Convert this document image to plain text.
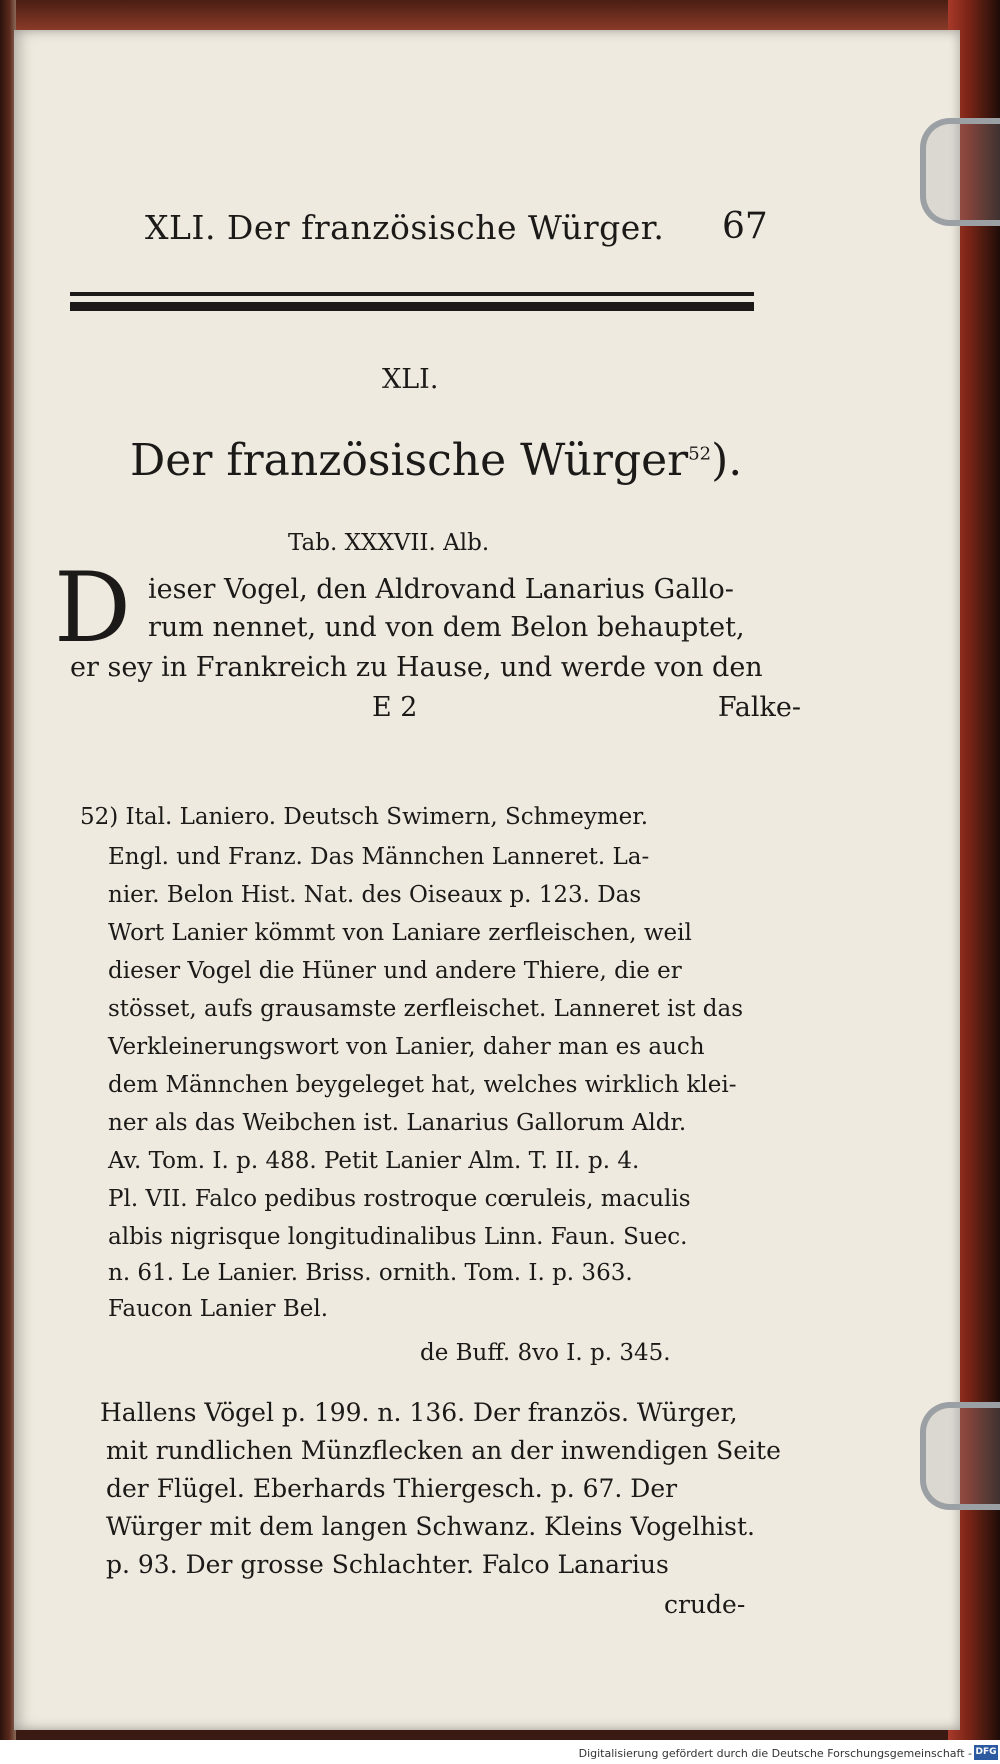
XLI. Der französische Würger. 67
XLI.
Der französische Würger$^{52}$).
Tab. XXXVII. Alb.
D ieser Vogel, den Aldrovand Lanarius Gallo-
rum nennet, und von dem Belon behauptet,
er sey in Frankreich zu Hause, und werde von den
E 2                                   Falke-
52) Ital. Laniero. Deutsch Swimern, Schmeymer.
Engl. und Franz. Das Männchen Lanneret. La-
nier. Belon Hist. Nat. des Oiseaux p. 123. Das
Wort Lanier kömmt von Laniare zerfleischen, weil
dieser Vogel die Hüner und andere Thiere, die er
stösset, aufs grausamste zerfleischet. Lanneret ist das
Verkleinerungswort von Lanier, daher man es auch
dem Männchen beygeleget hat, welches wirklich klei-
ner als das Weibchen ist. Lanarius Gallorum Aldr.
Av. Tom. I. p. 488. Petit Lanier Alm. T. II. p. 4.
Pl. VII. Falco pedibus rostroque cœruleis, maculis
albis nigrisque longitudinalibus Linn. Faun. Suec.
n. 61. Le Lanier. Briss. ornith. Tom. I. p. 363.
Faucon Lanier Bel.
de Buff. 8vo I. p. 345.
Hallens Vögel p. 199. n. 136. Der französ. Würger,
mit rundlichen Münzflecken an der inwendigen Seite
der Flügel. Eberhards Thiergesch. p. 67. Der
Würger mit dem langen Schwanz. Kleins Vogelhist.
p. 93. Der grosse Schlachter. Falco Lanarius
crude-
Digitalisierung gefördert durch die Deutsche Forschungsgemeinschaft - DFG
